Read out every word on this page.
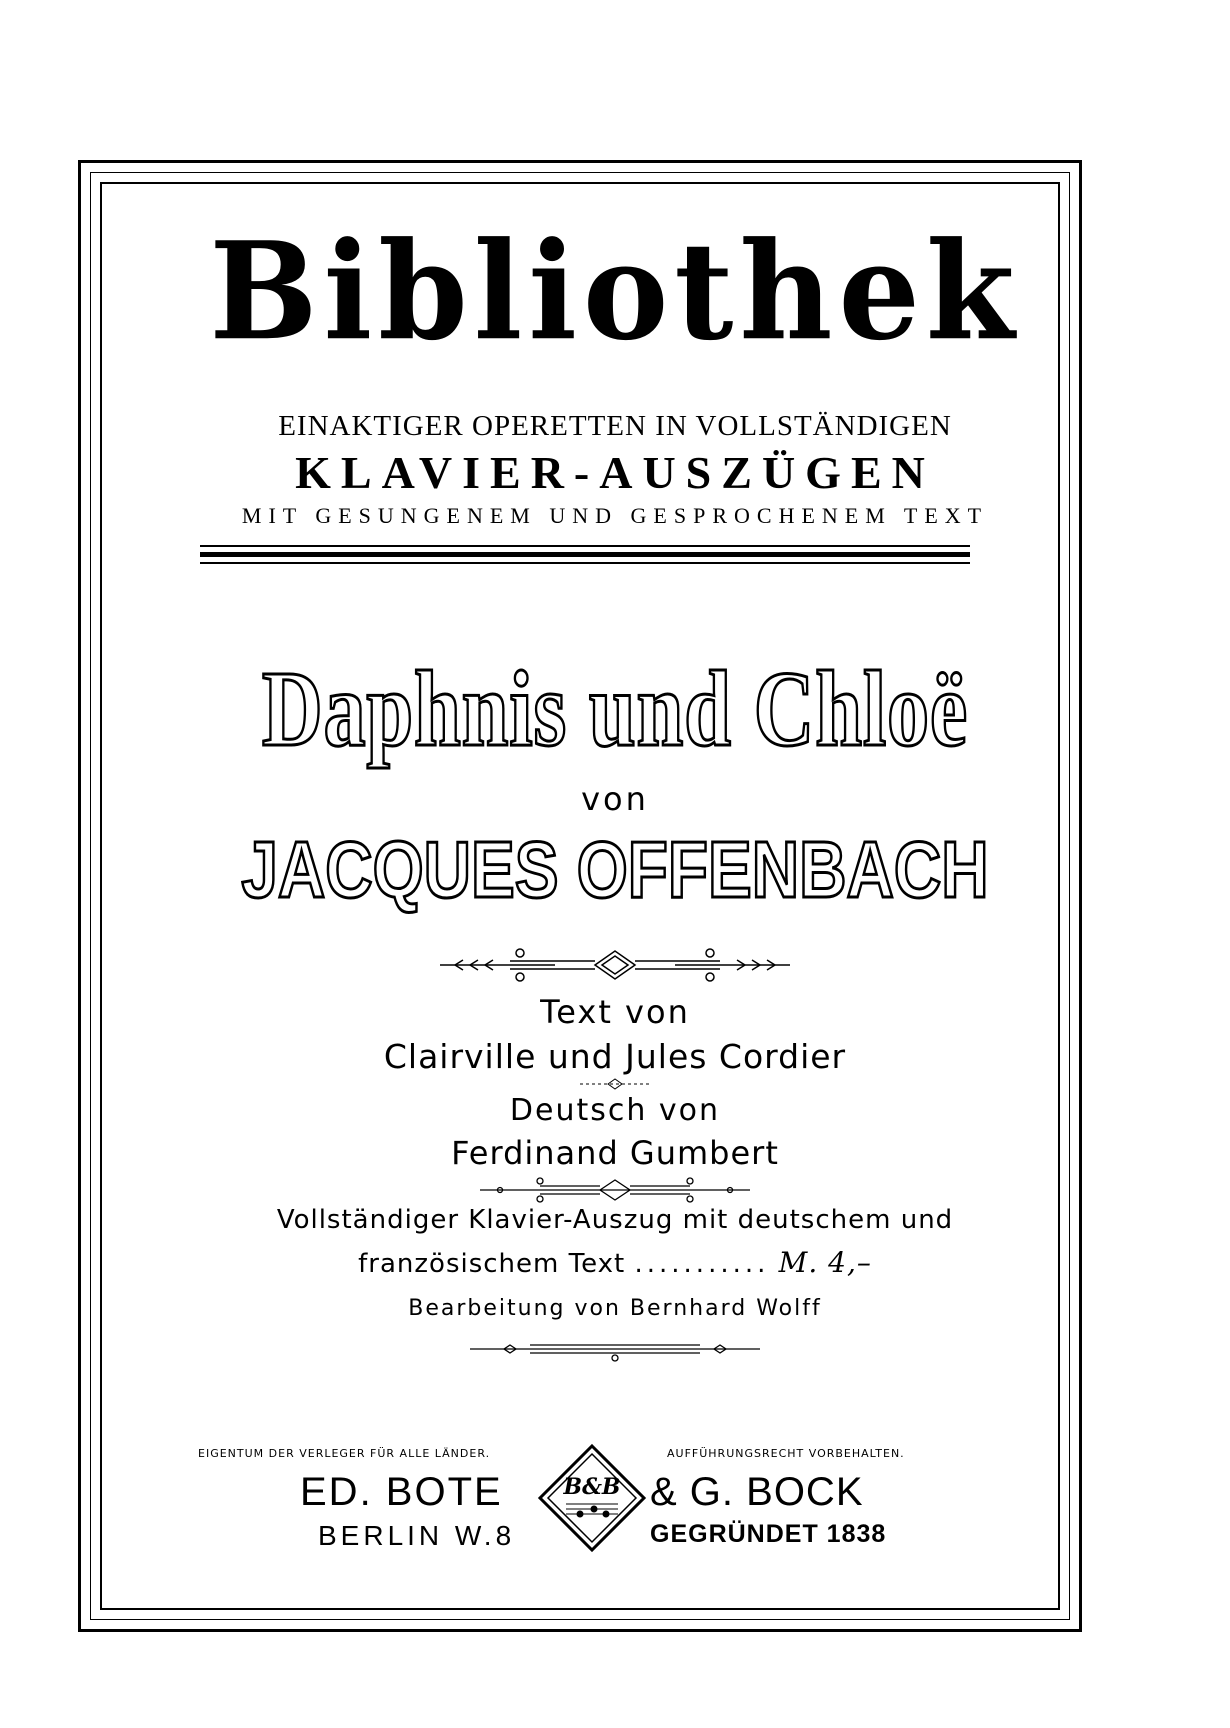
Bibliothek
EINAKTIGER OPERETTEN IN VOLLSTÄNDIGEN
KLAVIER-AUSZÜGEN
MIT GESUNGENEM UND GESPROCHENEM TEXT
Daphnis und Chloë
von
JACQUES OFFENBACH
Text von
Clairville und Jules Cordier
Deutsch von
Ferdinand Gumbert
Vollständiger Klavier-Auszug mit deutschem und
französischem Text ........... M. 4,–
Bearbeitung von Bernhard Wolff
EIGENTUM DER VERLEGER FÜR ALLE LÄNDER.	AUFFÜHRUNGSRECHT VORBEHALTEN.
ED. BOTE
BERLIN W.8
& G. BOCK
GEGRÜNDET 1838
B&B
